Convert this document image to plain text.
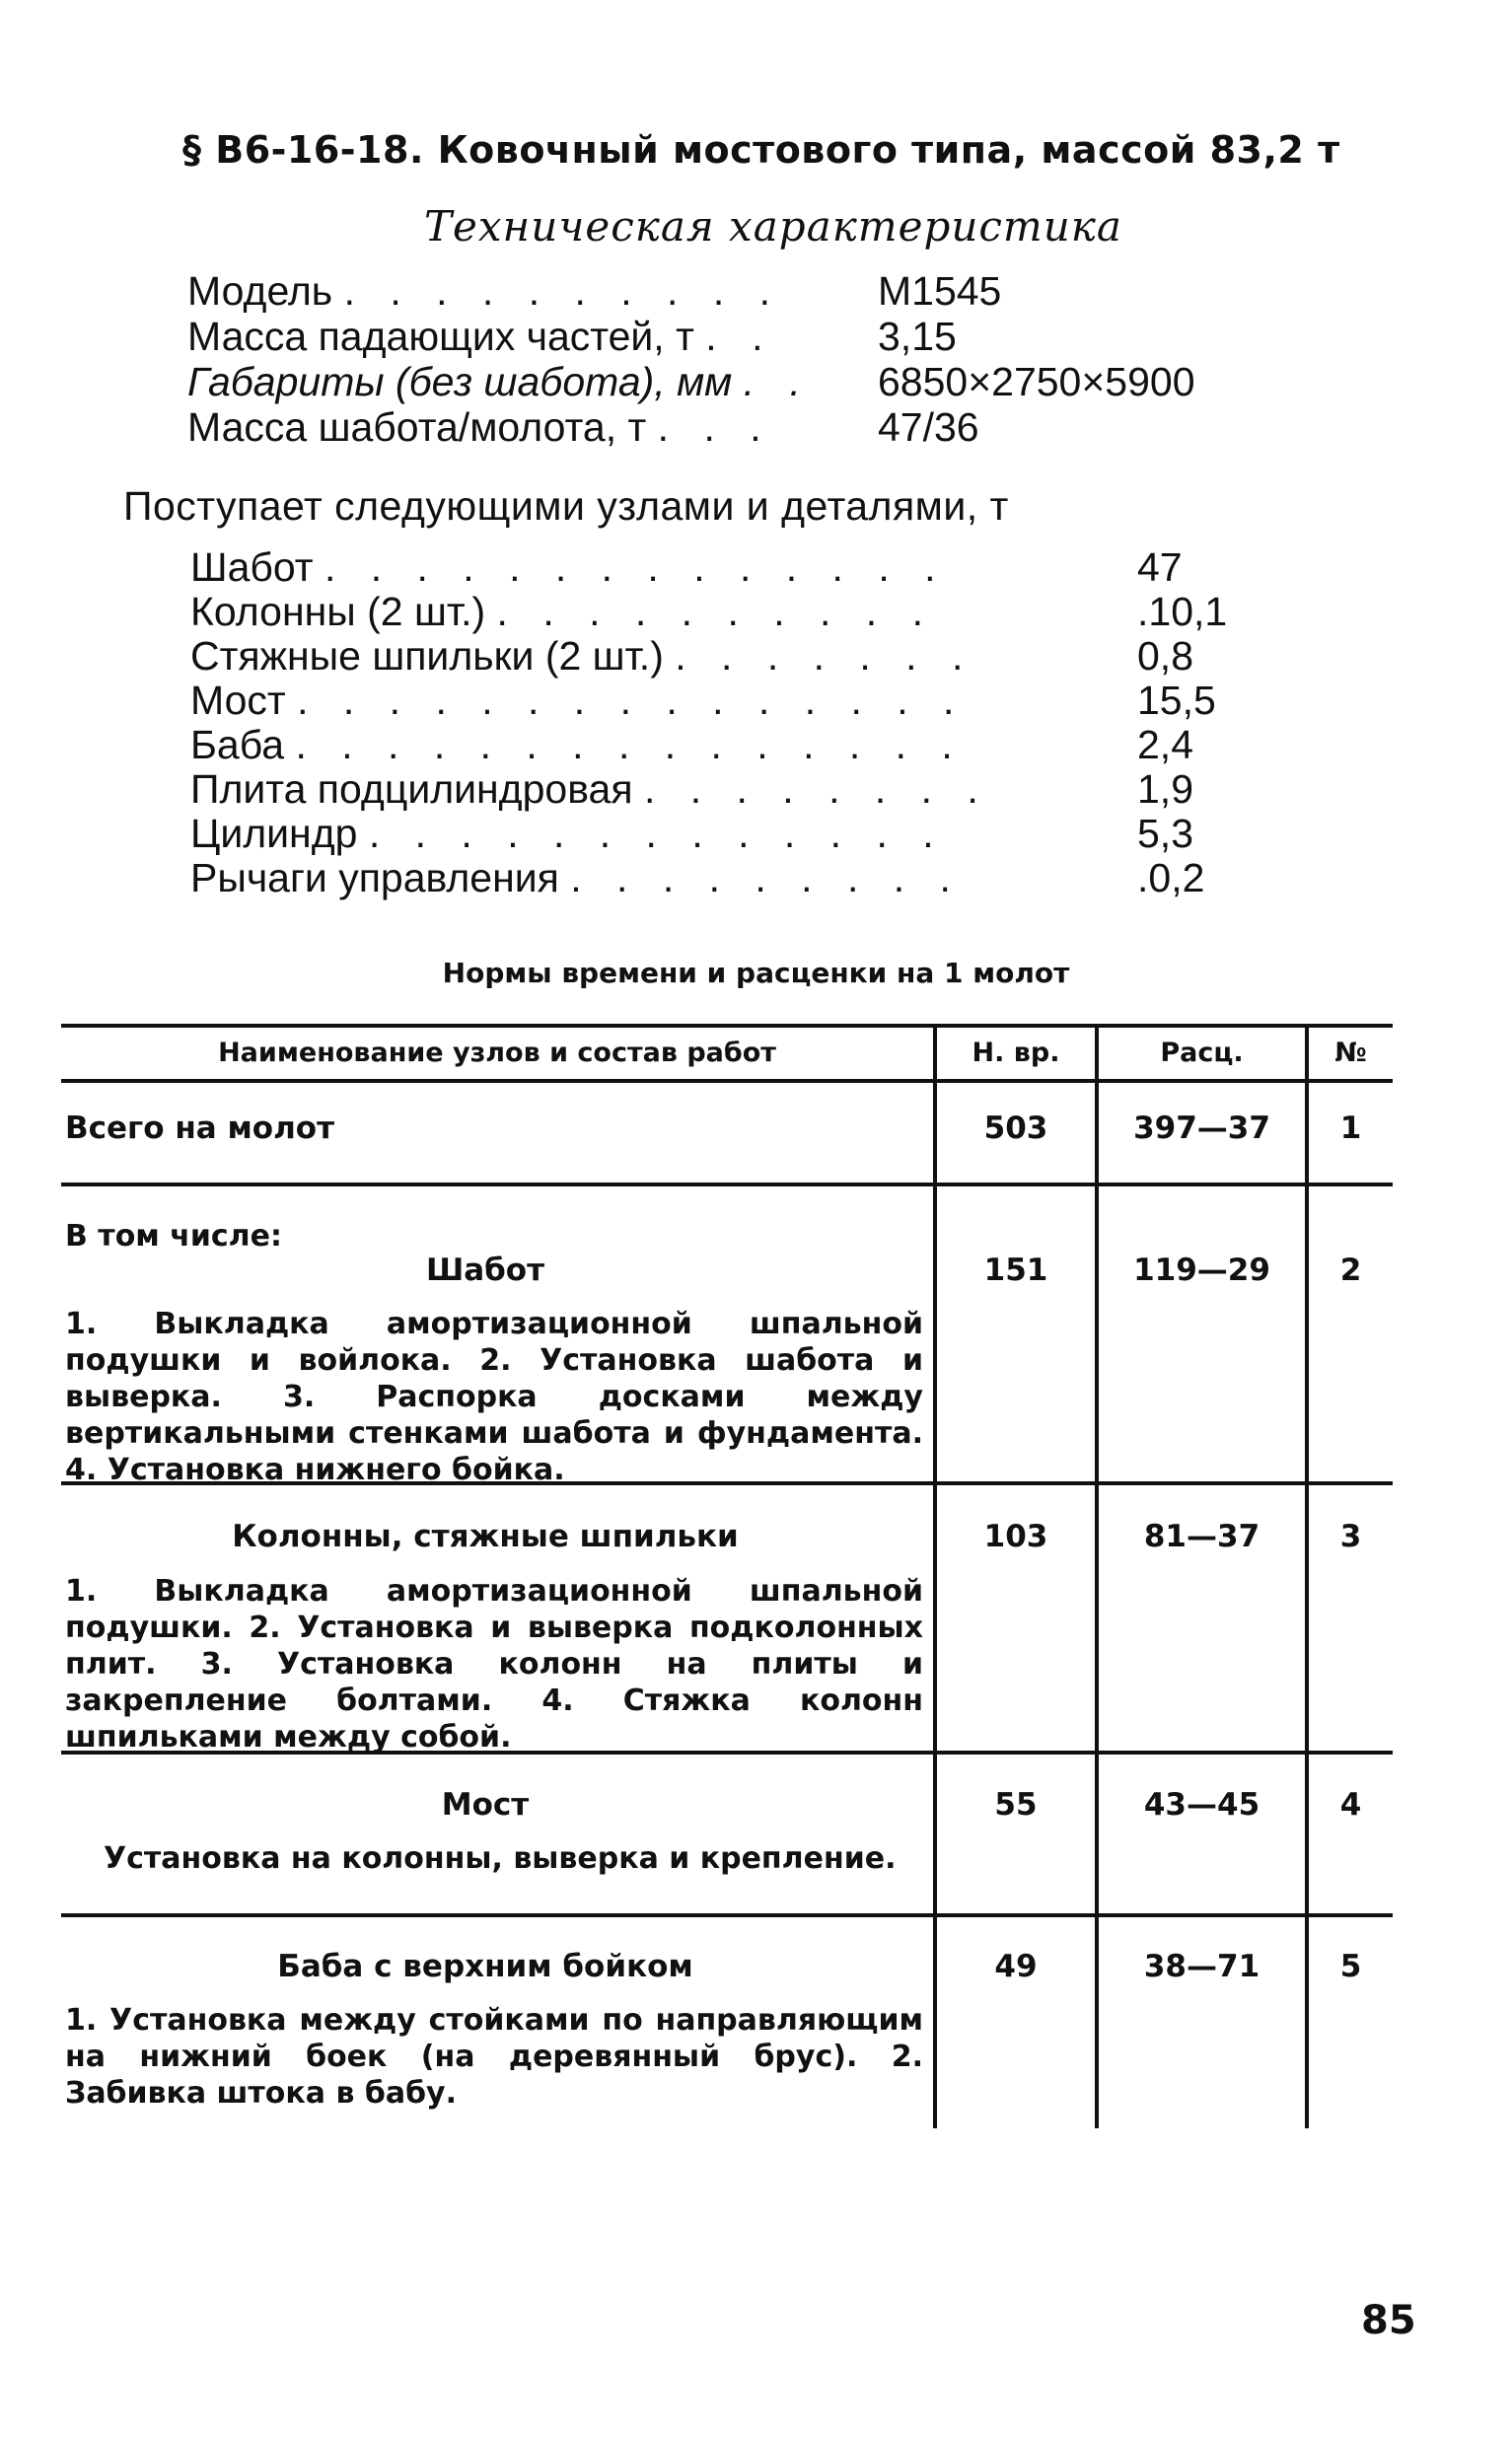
§ В6-16-18. Ковочный мостового типа, массой 83,2 т
Техническая характеристика
Модель . . . . . . . . . .	М1545
Масса падающих частей, т . .	3,15
Габариты (без шабота), мм . .	6850×2750×5900
Масса шабота/молота, т . . .	47/36
Поступает следующими узлами и деталями, т
Шабот . . . . . . . . . . . . . .	47
Колонны (2 шт.) . . . . . . . . . .	.10,1
Стяжные шпильки (2 шт.) . . . . . . .	0,8
Мост . . . . . . . . . . . . . . .	15,5
Баба . . . . . . . . . . . . . . .	2,4
Плита подцилиндровая . . . . . . . .	1,9
Цилиндр . . . . . . . . . . . . .	5,3
Рычаги управления . . . . . . . . .	.0,2
Нормы времени и расценки на 1 молот
Наименование узлов и состав работ	Н. вр.	Расц.	№
Всего на молот	503	397—37	1
В том числе:
Шабот
1. Выкладка амортизационной шпальной подушки и войлока. 2. Установка шабота и выверка. 3. Распорка досками между вертикальными стенками шабота и фундамента. 4. Установка нижнего бойка.
151	119—29	2
Колонны, стяжные шпильки
1. Выкладка амортизационной шпальной подушки. 2. Установка и выверка подколонных плит. 3. Установка колонн на плиты и закрепление болтами. 4. Стяжка колонн шпильками между собой.
103	81—37	3
Мост
Установка на колонны, выверка и крепление.
55	43—45	4
Баба с верхним бойком
1. Установка между стойками по направляющим на нижний боек (на деревянный брус). 2. Забивка штока в бабу.
49	38—71	5
85
